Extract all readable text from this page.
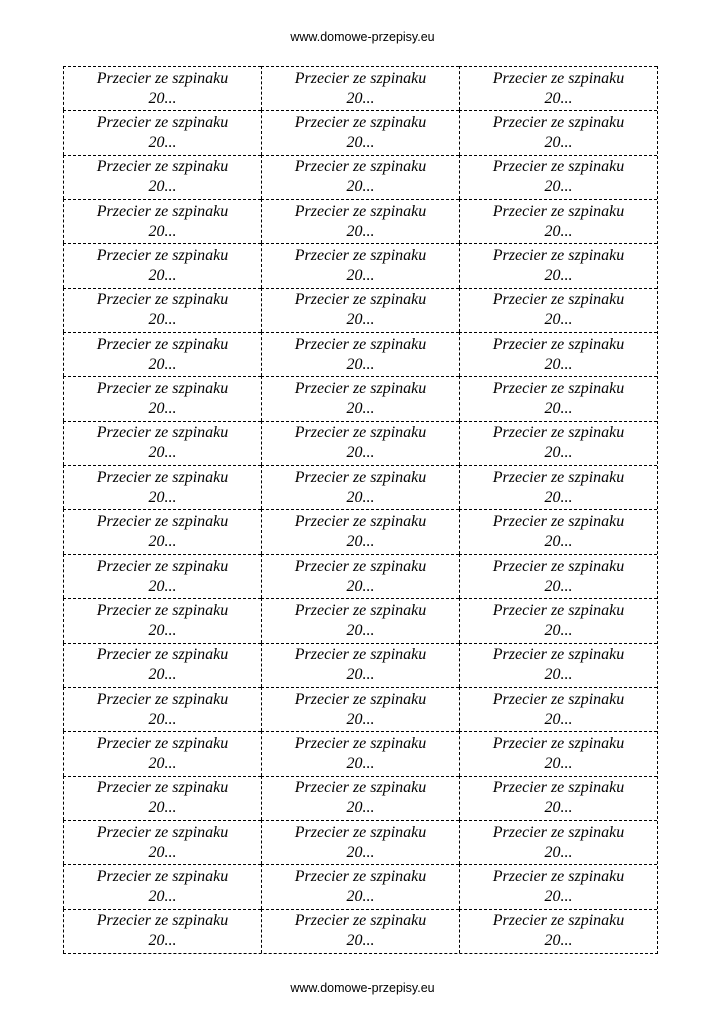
www.domowe-przepisy.eu
Przecier ze szpinaku
20...
Przecier ze szpinaku
20...
Przecier ze szpinaku
20...
Przecier ze szpinaku
20...
Przecier ze szpinaku
20...
Przecier ze szpinaku
20...
Przecier ze szpinaku
20...
Przecier ze szpinaku
20...
Przecier ze szpinaku
20...
Przecier ze szpinaku
20...
Przecier ze szpinaku
20...
Przecier ze szpinaku
20...
Przecier ze szpinaku
20...
Przecier ze szpinaku
20...
Przecier ze szpinaku
20...
Przecier ze szpinaku
20...
Przecier ze szpinaku
20...
Przecier ze szpinaku
20...
Przecier ze szpinaku
20...
Przecier ze szpinaku
20...
Przecier ze szpinaku
20...
Przecier ze szpinaku
20...
Przecier ze szpinaku
20...
Przecier ze szpinaku
20...
Przecier ze szpinaku
20...
Przecier ze szpinaku
20...
Przecier ze szpinaku
20...
Przecier ze szpinaku
20...
Przecier ze szpinaku
20...
Przecier ze szpinaku
20...
Przecier ze szpinaku
20...
Przecier ze szpinaku
20...
Przecier ze szpinaku
20...
Przecier ze szpinaku
20...
Przecier ze szpinaku
20...
Przecier ze szpinaku
20...
Przecier ze szpinaku
20...
Przecier ze szpinaku
20...
Przecier ze szpinaku
20...
Przecier ze szpinaku
20...
Przecier ze szpinaku
20...
Przecier ze szpinaku
20...
Przecier ze szpinaku
20...
Przecier ze szpinaku
20...
Przecier ze szpinaku
20...
Przecier ze szpinaku
20...
Przecier ze szpinaku
20...
Przecier ze szpinaku
20...
Przecier ze szpinaku
20...
Przecier ze szpinaku
20...
Przecier ze szpinaku
20...
Przecier ze szpinaku
20...
Przecier ze szpinaku
20...
Przecier ze szpinaku
20...
Przecier ze szpinaku
20...
Przecier ze szpinaku
20...
Przecier ze szpinaku
20...
Przecier ze szpinaku
20...
Przecier ze szpinaku
20...
Przecier ze szpinaku
20...
www.domowe-przepisy.eu
